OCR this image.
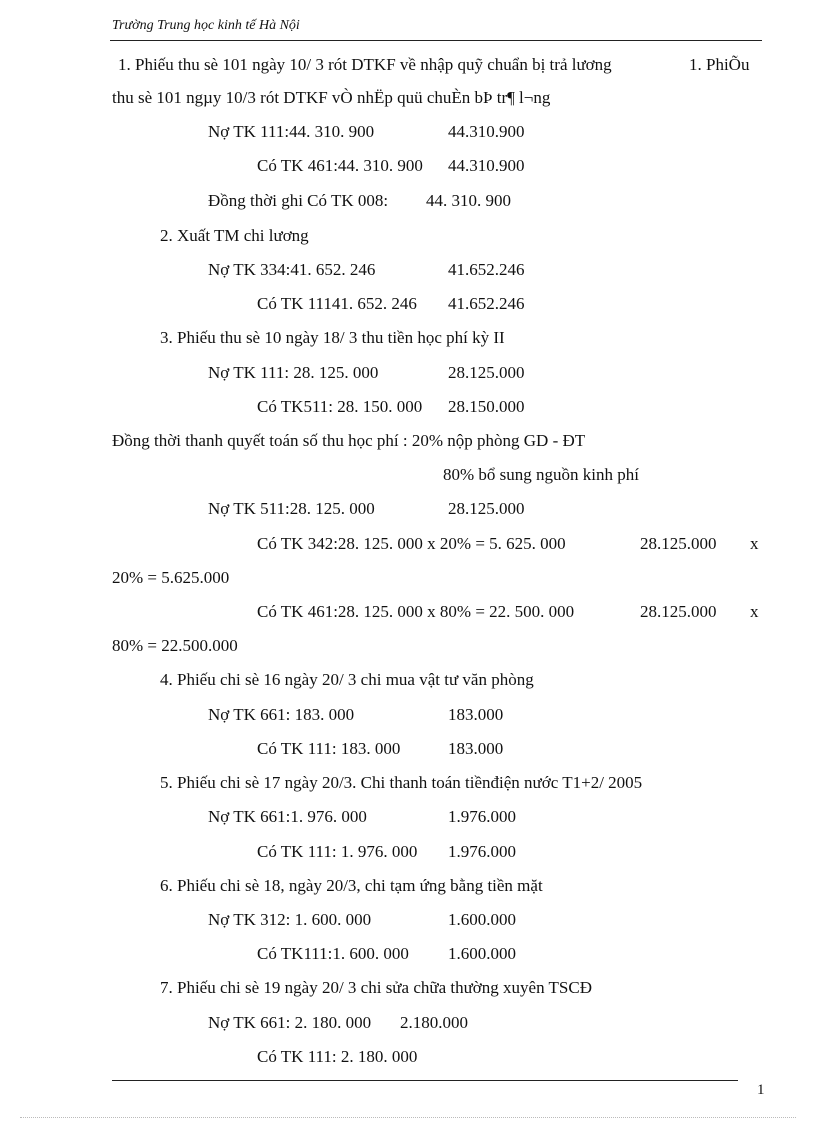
Trường Trung học kinh tế Hà Nội
1. Phiếu thu sè 101 ngày 10/ 3 rót DTKF về nhập quỹ chuẩn bị trả lương	1. PhiÕu
thu sè 101 ngµy 10/3 rót DTKF vÒ nhËp quü chuÈn bÞ tr¶ l¬ng
Nợ TK 111:44. 310. 900	44.310.900
Có TK 461:44. 310. 900 44.310.900
Đồng thời ghi Có TK 008: 44. 310. 900
2. Xuất TM chi lương
Nợ TK 334:41. 652. 246	41.652.246
Có TK 11141. 652. 246 41.652.246
3. Phiếu thu sè 10 ngày 18/ 3 thu tiền học phí kỳ II
Nợ TK 111: 28. 125. 000	28.125.000
Có TK511: 28. 150. 000 28.150.000
Đồng thời thanh quyết toán số thu học phí : 20% nộp phòng GD - ĐT
80% bổ sung nguồn kinh phí
Nợ TK 511:28. 125. 000	28.125.000
Có TK 342:28. 125. 000 x 20% = 5. 625. 000	28.125.000 x
20% = 5.625.000
Có TK 461:28. 125. 000 x 80% = 22. 500. 000	28.125.000 x
80% = 22.500.000
4. Phiếu chi sè 16 ngày 20/ 3 chi mua vật tư văn phòng
Nợ TK 661: 183. 000	183.000
Có TK 111: 183. 000	183.000
5. Phiếu chi sè 17 ngày 20/3. Chi thanh toán tiềnđiện nước T1+2/ 2005
Nợ TK 661:1. 976. 000	1.976.000
Có TK 111: 1. 976. 000 1.976.000
6. Phiếu chi sè 18, ngày 20/3, chi tạm ứng bằng tiền mặt
Nợ TK 312: 1. 600. 000	1.600.000
Có TK111:1. 600. 000 1.600.000
7. Phiếu chi sè 19 ngày 20/ 3 chi sửa chữa thường xuyên TSCĐ
Nợ TK 661: 2. 180. 000 2.180.000
Có TK 111: 2. 180. 000
1
